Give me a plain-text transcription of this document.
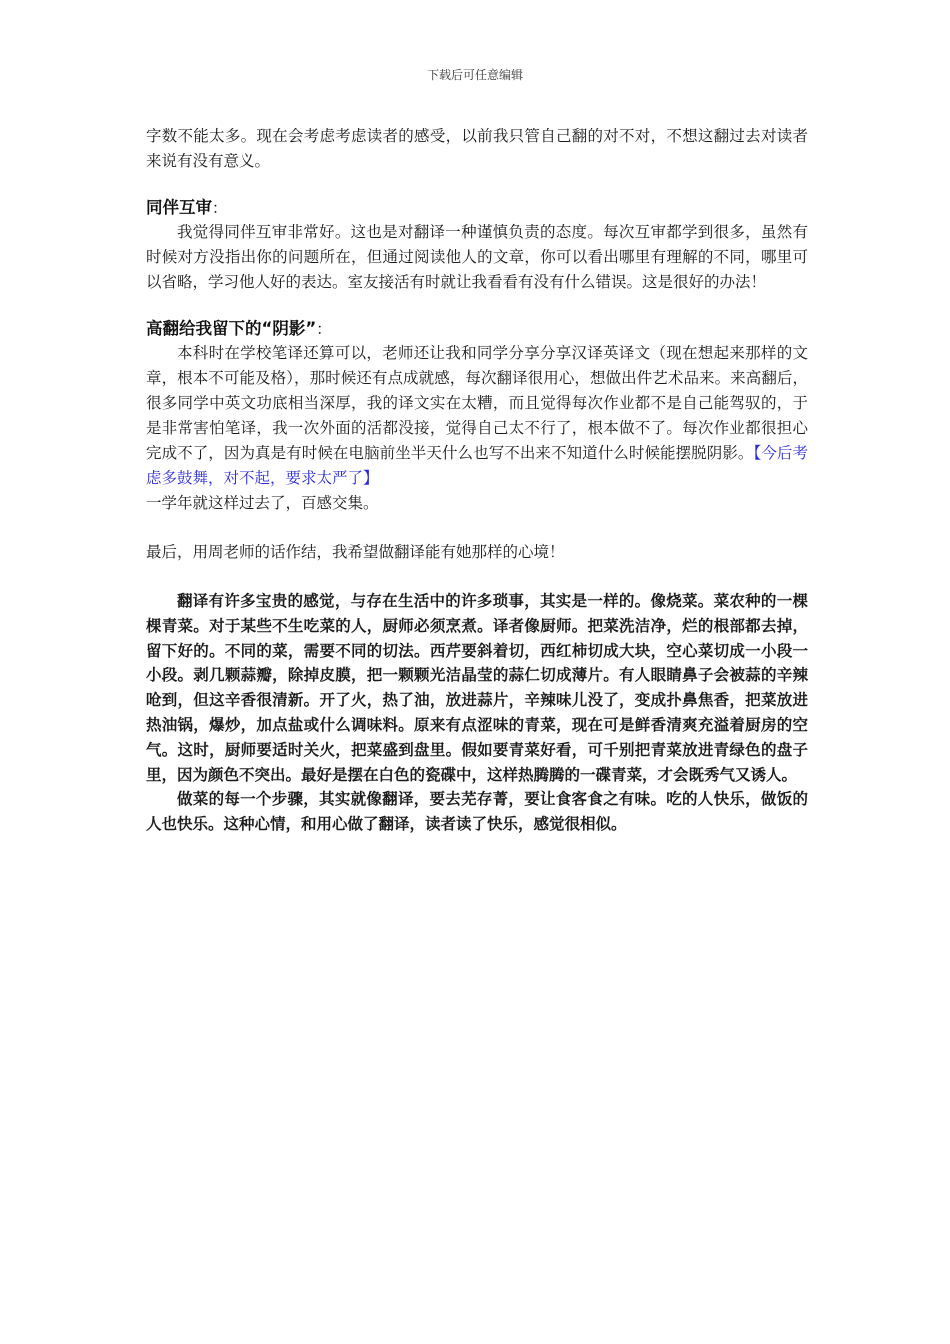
下载后可任意编辑

字数不能太多。现在会考虑考虑读者的感受，以前我只管自己翻的对不对，不想这翻过去对读者来说有没有意义。

同伴互审：

我觉得同伴互审非常好。这也是对翻译一种谨慎负责的态度。每次互审都学到很多，虽然有时候对方没指出你的问题所在，但通过阅读他人的文章，你可以看出哪里有理解的不同，哪里可以省略，学习他人好的表达。室友接活有时就让我看看有没有什么错误。这是很好的办法！

高翻给我留下的“阴影”：

本科时在学校笔译还算可以，老师还让我和同学分享分享汉译英译文（现在想起来那样的文章，根本不可能及格），那时候还有点成就感，每次翻译很用心，想做出件艺术品来。来高翻后，很多同学中英文功底相当深厚，我的译文实在太糟，而且觉得每次作业都不是自己能驾驭的，于是非常害怕笔译，我一次外面的活都没接，觉得自己太不行了，根本做不了。每次作业都很担心完成不了，因为真是有时候在电脑前坐半天什么也写不出来不知道什么时候能摆脱阴影。【今后考虑多鼓舞，对不起，要求太严了】

一学年就这样过去了，百感交集。

最后，用周老师的话作结，我希望做翻译能有她那样的心境！

翻译有许多宝贵的感觉，与存在生活中的许多琐事，其实是一样的。像烧菜。菜农种的一棵棵青菜。对于某些不生吃菜的人，厨师必须烹煮。译者像厨师。把菜洗洁净，烂的根部都去掉，留下好的。不同的菜，需要不同的切法。西芹要斜着切，西红柿切成大块，空心菜切成一小段一小段。剥几颗蒜瓣，除掉皮膜，把一颗颗光洁晶莹的蒜仁切成薄片。有人眼睛鼻子会被蒜的辛辣呛到，但这辛香很清新。开了火，热了油，放进蒜片，辛辣味儿没了，变成扑鼻焦香，把菜放进热油锅，爆炒，加点盐或什么调味料。原来有点涩味的青菜，现在可是鲜香清爽充溢着厨房的空气。这时，厨师要适时关火，把菜盛到盘里。假如要青菜好看，可千别把青菜放进青绿色的盘子里，因为颜色不突出。最好是摆在白色的瓷碟中，这样热腾腾的一碟青菜，才会既秀气又诱人。

做菜的每一个步骤，其实就像翻译，要去芜存菁，要让食客食之有味。吃的人快乐，做饭的人也快乐。这种心情，和用心做了翻译，读者读了快乐，感觉很相似。
